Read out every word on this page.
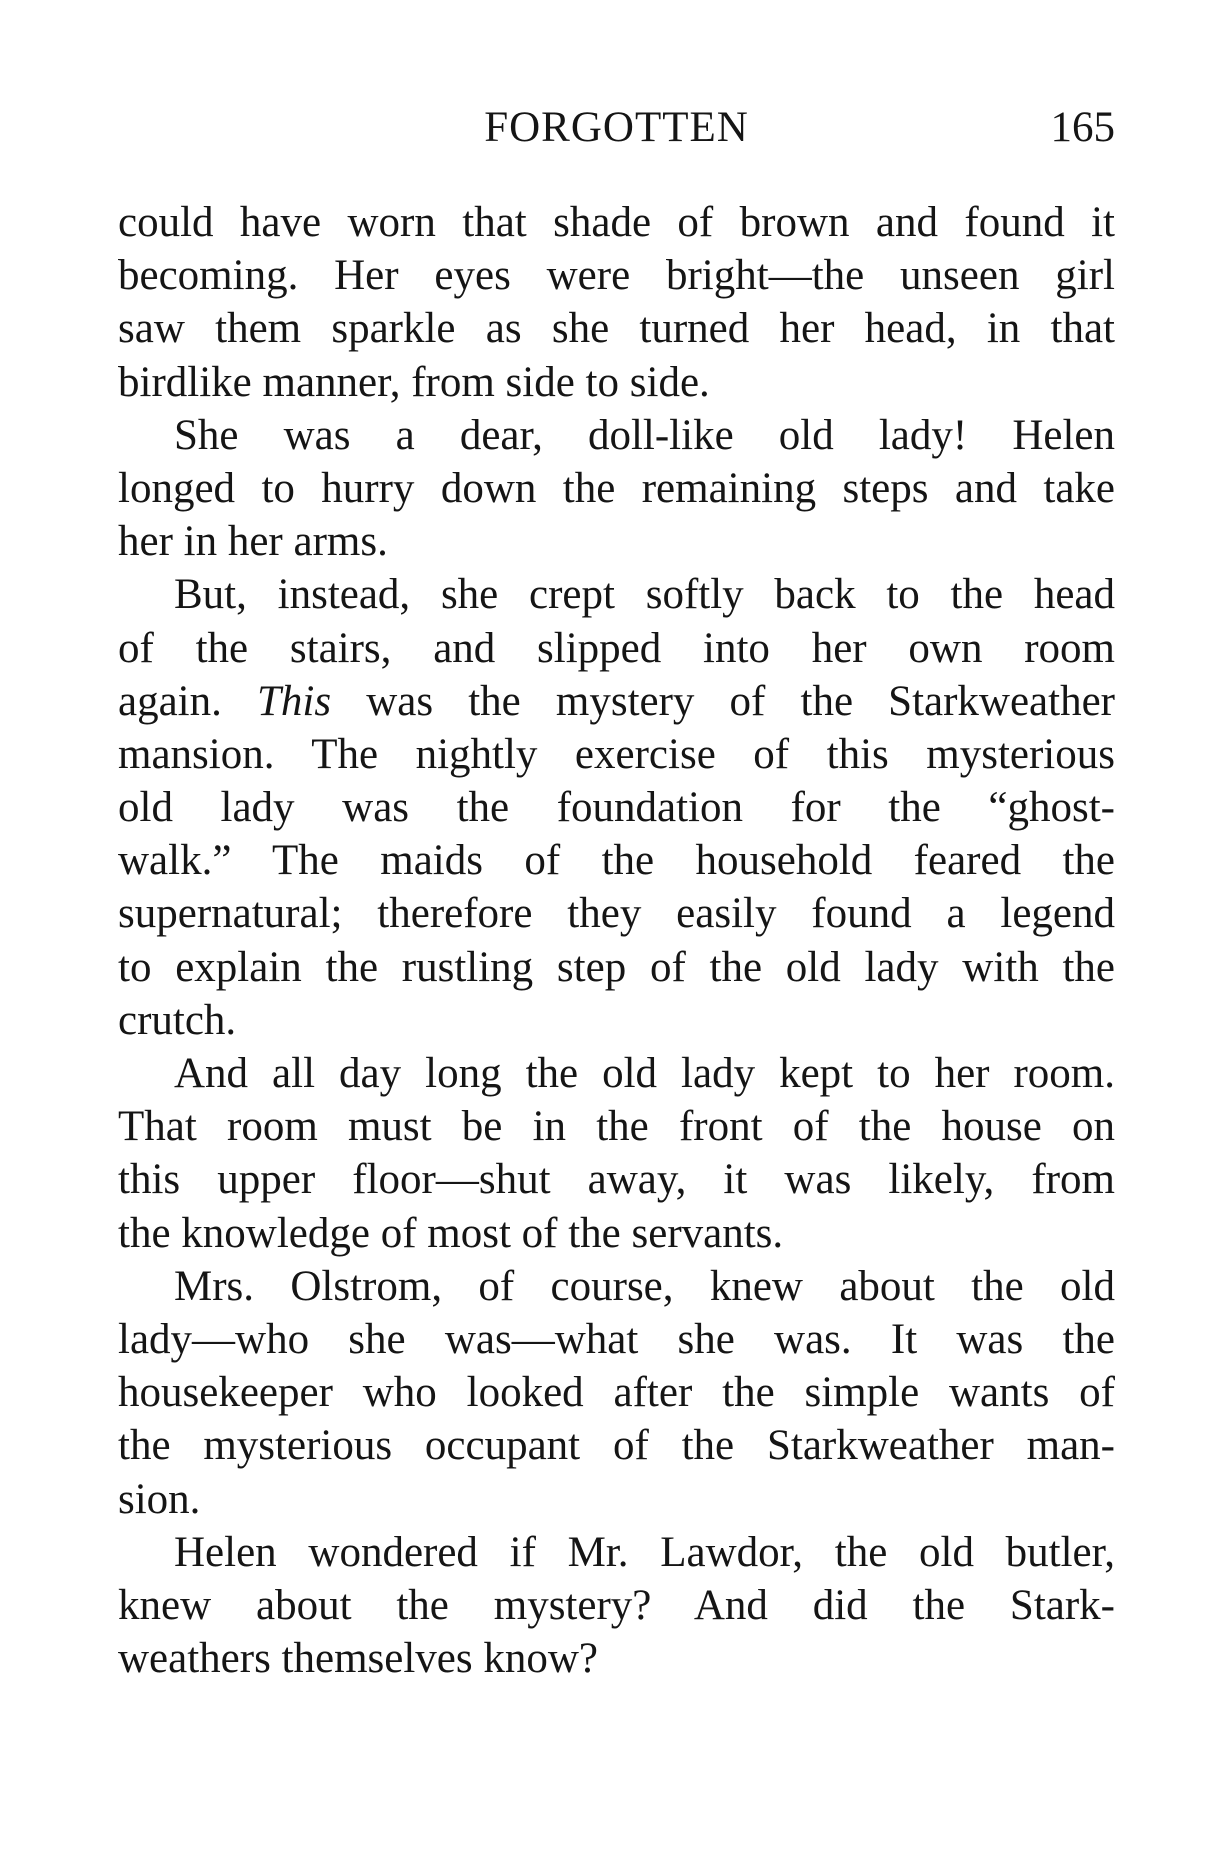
FORGOTTEN	165
could have worn that shade of brown and found it
becoming. Her eyes were bright—the unseen girl
saw them sparkle as she turned her head, in that
birdlike manner, from side to side.
She was a dear, doll-like old lady! Helen
longed to hurry down the remaining steps and take
her in her arms.
But, instead, she crept softly back to the head
of the stairs, and slipped into her own room
again. This was the mystery of the Starkweather
mansion. The nightly exercise of this mysterious
old lady was the foundation for the “ghost-
walk.” The maids of the household feared the
supernatural; therefore they easily found a legend
to explain the rustling step of the old lady with the
crutch.
And all day long the old lady kept to her room.
That room must be in the front of the house on
this upper floor—shut away, it was likely, from
the knowledge of most of the servants.
Mrs. Olstrom, of course, knew about the old
lady—who she was—what she was. It was the
housekeeper who looked after the simple wants of
the mysterious occupant of the Starkweather man-
sion.
Helen wondered if Mr. Lawdor, the old butler,
knew about the mystery? And did the Stark-
weathers themselves know?
